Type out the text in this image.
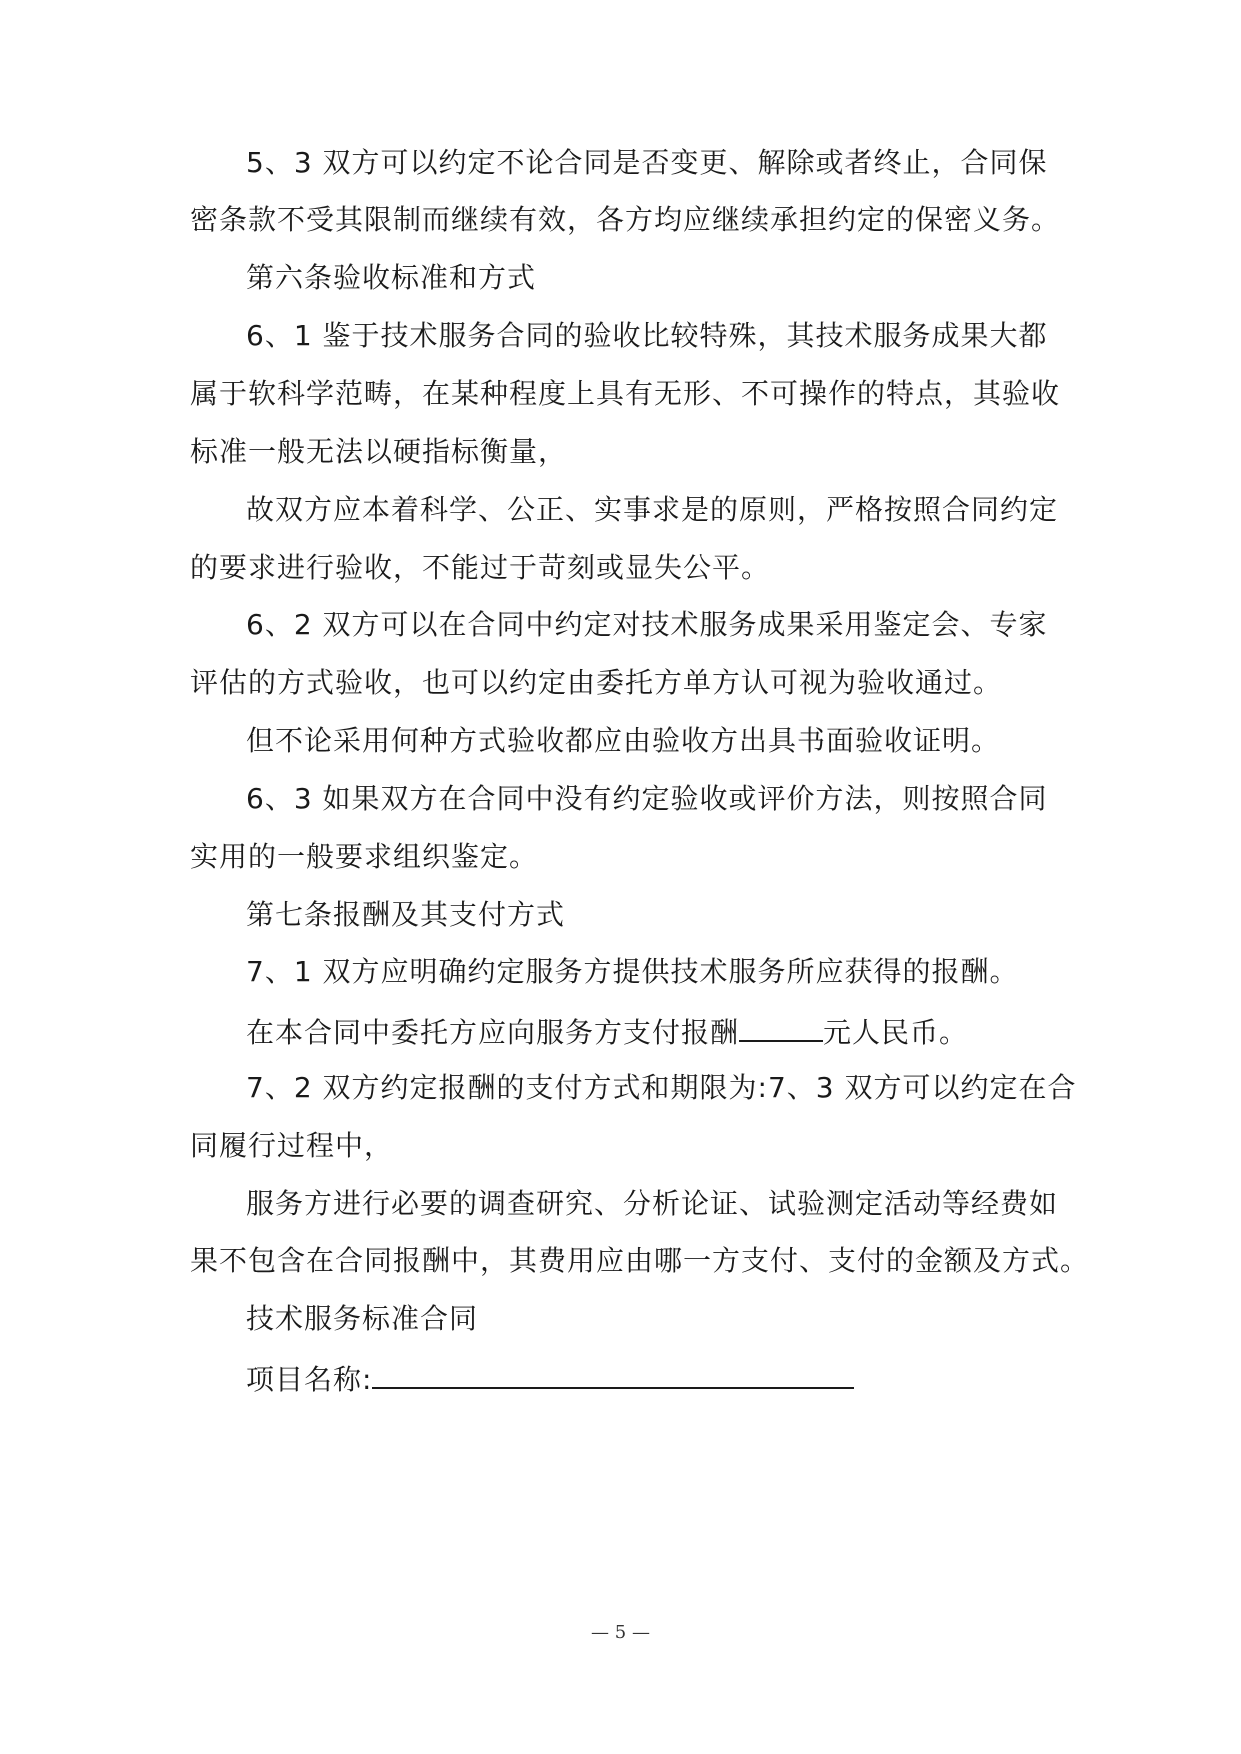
5、3 双方可以约定不论合同是否变更、解除或者终止，合同保
密条款不受其限制而继续有效，各方均应继续承担约定的保密义务。
第六条验收标准和方式
6、1 鉴于技术服务合同的验收比较特殊，其技术服务成果大都
属于软科学范畴，在某种程度上具有无形、不可操作的特点，其验收
标准一般无法以硬指标衡量，
故双方应本着科学、公正、实事求是的原则，严格按照合同约定
的要求进行验收，不能过于苛刻或显失公平。
6、2 双方可以在合同中约定对技术服务成果采用鉴定会、专家
评估的方式验收，也可以约定由委托方单方认可视为验收通过。
但不论采用何种方式验收都应由验收方出具书面验收证明。
6、3 如果双方在合同中没有约定验收或评价方法，则按照合同
实用的一般要求组织鉴定。
第七条报酬及其支付方式
7、1 双方应明确约定服务方提供技术服务所应获得的报酬。
在本合同中委托方应向服务方支付报酬	元人民币。
7、2 双方约定报酬的支付方式和期限为:7、3 双方可以约定在合
同履行过程中，
服务方进行必要的调查研究、分析论证、试验测定活动等经费如
果不包含在合同报酬中，其费用应由哪一方支付、支付的金额及方式。
技术服务标准合同
项目名称:
— 5 —
